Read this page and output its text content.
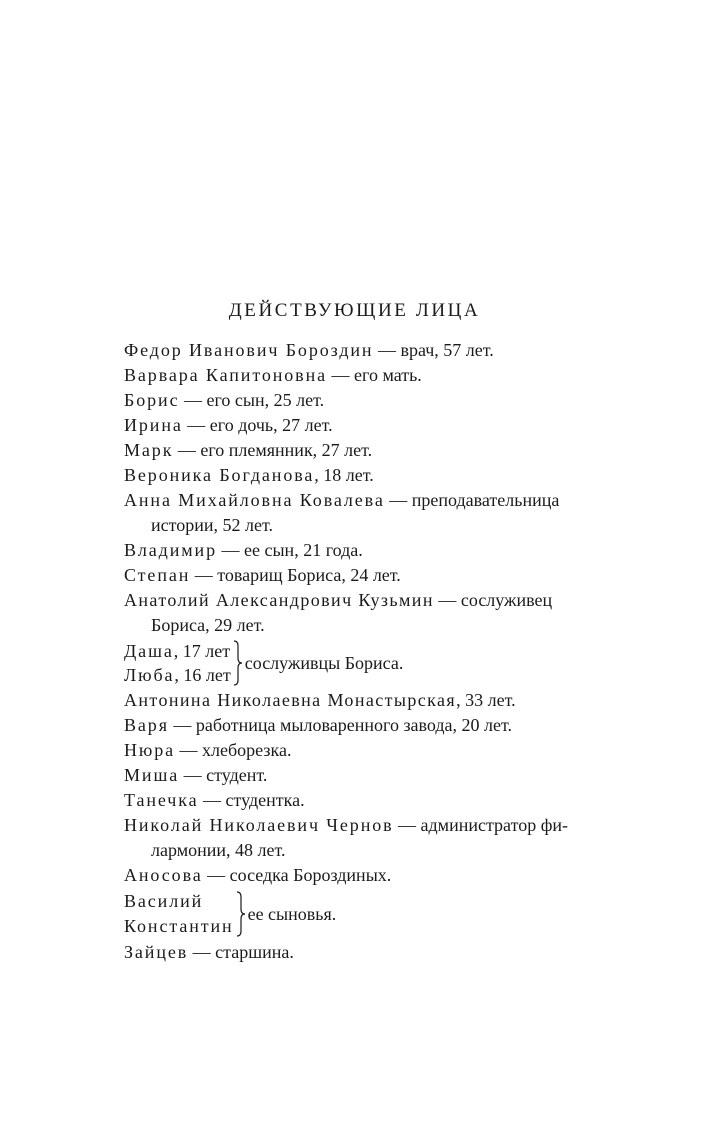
ДЕЙСТВУЮЩИЕ ЛИЦА
Федор Иванович Бороздин — врач, 57 лет.
Варвара Капитоновна — его мать.
Борис — его сын, 25 лет.
Ирина — его дочь, 27 лет.
Марк — его племянник, 27 лет.
Вероника Богданова, 18 лет.
Анна Михайловна Ковалева — преподавательница
истории, 52 лет.
Владимир — ее сын, 21 года.
Степан — товарищ Бориса, 24 лет.
Анатолий Александрович Кузьмин — сослуживец
Бориса, 29 лет.
Даша, 17 лет
Люба, 16 лет
сослуживцы Бориса.
Антонина Николаевна Монастырская, 33 лет.
Варя — работница мыловаренного завода, 20 лет.
Нюра — хлеборезка.
Миша — студент.
Танечка — студентка.
Николай Николаевич Чернов — администратор фи-
лармонии, 48 лет.
Аносова — соседка Бороздиных.
Василий
Константин
ее сыновья.
Зайцев — старшина.
